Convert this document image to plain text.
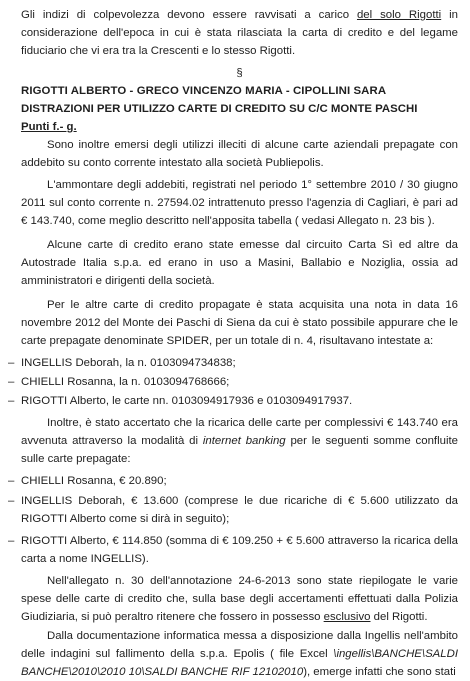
Gli indizi di colpevolezza devono essere ravvisati a carico del solo Rigotti in considerazione dell'epoca in cui è stata rilasciata la carta di credito e del legame fiduciario che vi era tra la Crescenti e lo stesso Rigotti.

§

RIGOTTI ALBERTO - GRECO VINCENZO MARIA - CIPOLLINI SARA

DISTRAZIONI PER UTILIZZO CARTE DI CREDITO SU C/C MONTE PASCHI

Punti f.- g.

Sono inoltre emersi degli utilizzi illeciti di alcune carte aziendali prepagate con addebito su conto corrente intestato alla società Publiepolis.

L'ammontare degli addebiti, registrati nel periodo 1° settembre 2010 / 30 giugno 2011 sul conto corrente n. 27594.02 intrattenuto presso l'agenzia di Cagliari, è pari ad € 143.740, come meglio descritto nell'apposita tabella ( vedasi Allegato n. 23 bis ).

Alcune carte di credito erano state emesse dal circuito Carta Sì ed altre da Autostrade Italia s.p.a. ed erano in uso a Masini, Ballabio e Noziglia, ossia ad amministratori e dirigenti della società.

Per le altre carte di credito propagate è stata acquisita una nota in data 16 novembre 2012 del Monte dei Paschi di Siena da cui è stato possibile appurare che le carte prepagate denominate SPIDER, per un totale di n. 4, risultavano intestate a:

– INGELLIS Deborah, la n. 0103094734838;
– CHIELLI Rosanna, la n. 0103094768666;
– RIGOTTI Alberto, le carte nn. 0103094917936 e 0103094917937.

Inoltre, è stato accertato che la ricarica delle carte per complessivi € 143.740 era avvenuta attraverso la modalità di internet banking per le seguenti somme confluite sulle carte prepagate:

– CHIELLI Rosanna, € 20.890;
– INGELLIS Deborah, € 13.600 (comprese le due ricariche di € 5.600 utilizzato da RIGOTTI Alberto come si dirà in seguito);
– RIGOTTI Alberto, € 114.850 (somma di € 109.250 + € 5.600 attraverso la ricarica della carta a nome INGELLIS).

Nell'allegato n. 30 dell'annotazione 24-6-2013 sono state riepilogate le varie spese delle carte di credito che, sulla base degli accertamenti effettuati dalla Polizia Giudiziaria, si può peraltro ritenere che fossero in possesso esclusivo del Rigotti.

Dalla documentazione informatica messa a disposizione dalla Ingellis nell'ambito delle indagini sul fallimento della s.p.a. Epolis ( file Excel \ingellis\BANCHE\SALDI BANCHE\2010\2010 10\SALDI BANCHE RIF 12102010), emerge infatti che sono stati
